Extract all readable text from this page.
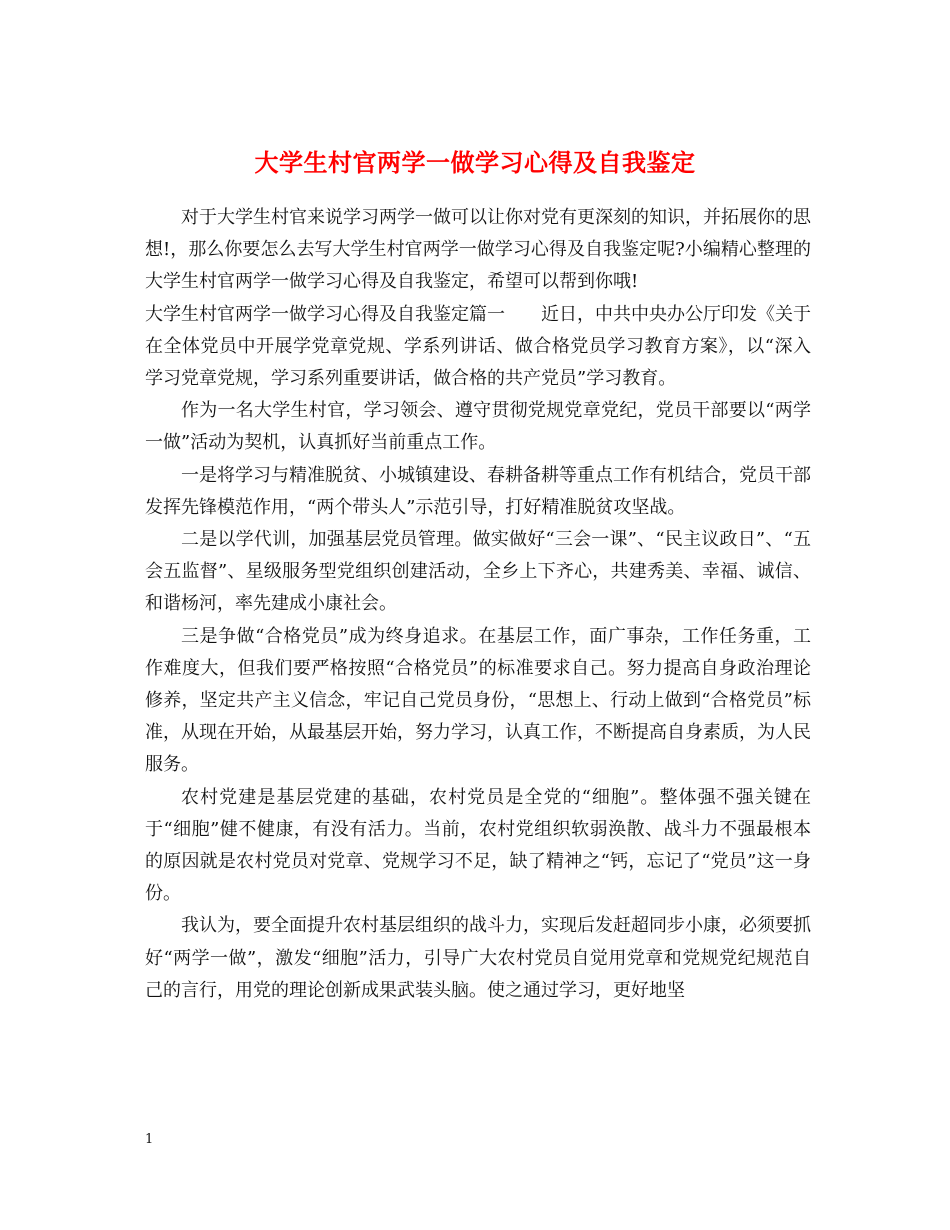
大学生村官两学一做学习心得及自我鉴定

对于大学生村官来说学习两学一做可以让你对党有更深刻的知识，并拓展你的思想!，那么你要怎么去写大学生村官两学一做学习心得及自我鉴定呢?小编精心整理的大学生村官两学一做学习心得及自我鉴定，希望可以帮到你哦!

大学生村官两学一做学习心得及自我鉴定篇一　　近日，中共中央办公厅印发《关于在全体党员中开展学党章党规、学系列讲话、做合格党员学习教育方案》，以“深入学习党章党规，学习系列重要讲话，做合格的共产党员”学习教育。

作为一名大学生村官，学习领会、遵守贯彻党规党章党纪，党员干部要以“两学一做”活动为契机，认真抓好当前重点工作。

一是将学习与精准脱贫、小城镇建设、春耕备耕等重点工作有机结合，党员干部发挥先锋模范作用，“两个带头人”示范引导，打好精准脱贫攻坚战。

二是以学代训，加强基层党员管理。做实做好“三会一课”、“民主议政日”、“五会五监督”、星级服务型党组织创建活动，全乡上下齐心，共建秀美、幸福、诚信、和谐杨河，率先建成小康社会。

三是争做“合格党员”成为终身追求。在基层工作，面广事杂，工作任务重，工作难度大，但我们要严格按照“合格党员”的标准要求自己。努力提高自身政治理论修养，坚定共产主义信念，牢记自己党员身份，“思想上、行动上做到“合格党员”标准，从现在开始，从最基层开始，努力学习，认真工作，不断提高自身素质，为人民服务。

农村党建是基层党建的基础，农村党员是全党的“细胞”。整体强不强关键在于“细胞”健不健康，有没有活力。当前，农村党组织软弱涣散、战斗力不强最根本的原因就是农村党员对党章、党规学习不足，缺了精神之“钙，忘记了“党员”这一身份。

我认为，要全面提升农村基层组织的战斗力，实现后发赶超同步小康，必须要抓好“两学一做”，激发“细胞”活力，引导广大农村党员自觉用党章和党规党纪规范自己的言行，用党的理论创新成果武装头脑。使之通过学习，更好地坚

1
